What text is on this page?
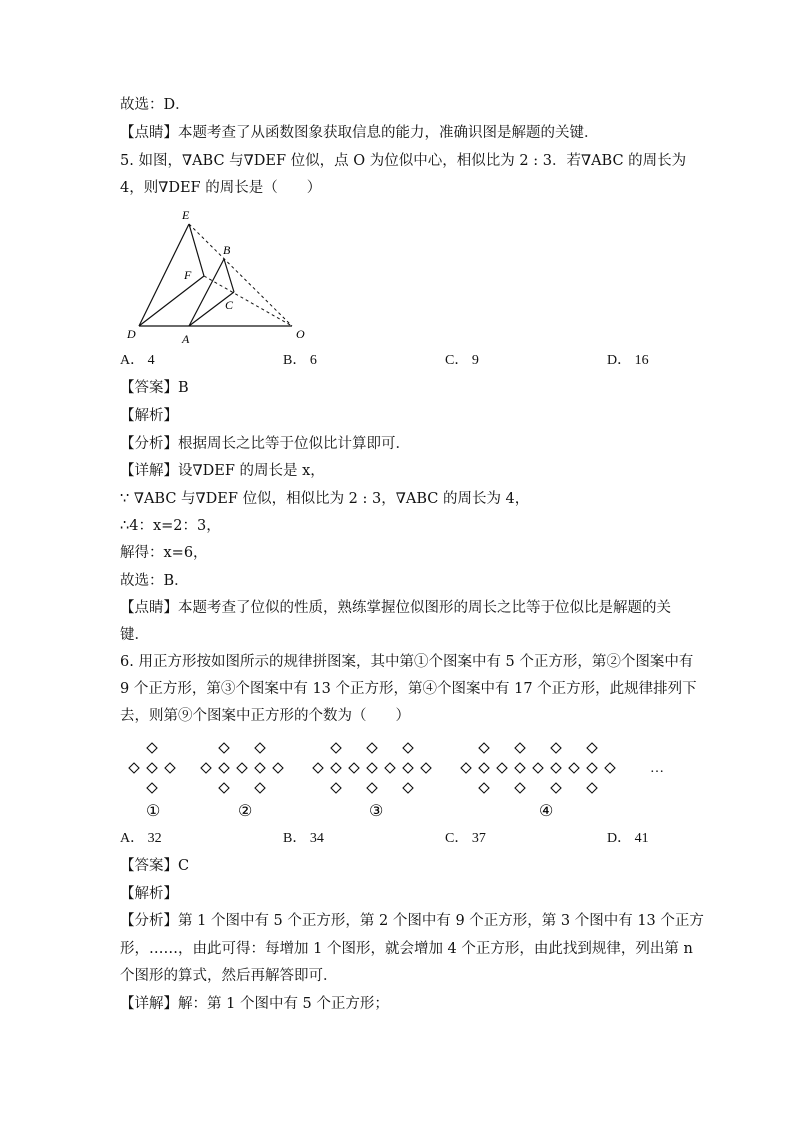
故选：D．
【点睛】本题考查了从函数图象获取信息的能力，准确识图是解题的关键．
5. 如图，∇ABC 与∇DEF 位似，点 O 为位似中心，相似比为 2 : 3．若∇ABC 的周长为
4，则∇DEF 的周长是（　　）
E
B
F
C
D	A	O
A． 4	B． 6	C． 9	D． 16
【答案】B
【解析】
【分析】根据周长之比等于位似比计算即可．
【详解】设∇DEF 的周长是 x，
∵ ∇ABC 与∇DEF 位似，相似比为 2 : 3，∇ABC 的周长为 4，
∴4：x=2：3，
解得：x=6，
故选：B．
【点睛】本题考查了位似的性质，熟练掌握位似图形的周长之比等于位似比是解题的关
键．
6. 用正方形按如图所示的规律拼图案，其中第①个图案中有 5 个正方形，第②个图案中有
9 个正方形，第③个图案中有 13 个正方形，第④个图案中有 17 个正方形，此规律排列下
去，则第⑨个图案中正方形的个数为（　　）
①	②	③	④
…
A． 32	B． 34	C． 37	D． 41
【答案】C
【解析】
【分析】第 1 个图中有 5 个正方形，第 2 个图中有 9 个正方形，第 3 个图中有 13 个正方
形，……，由此可得：每增加 1 个图形，就会增加 4 个正方形，由此找到规律，列出第 n
个图形的算式，然后再解答即可．
【详解】解：第 1 个图中有 5 个正方形；
